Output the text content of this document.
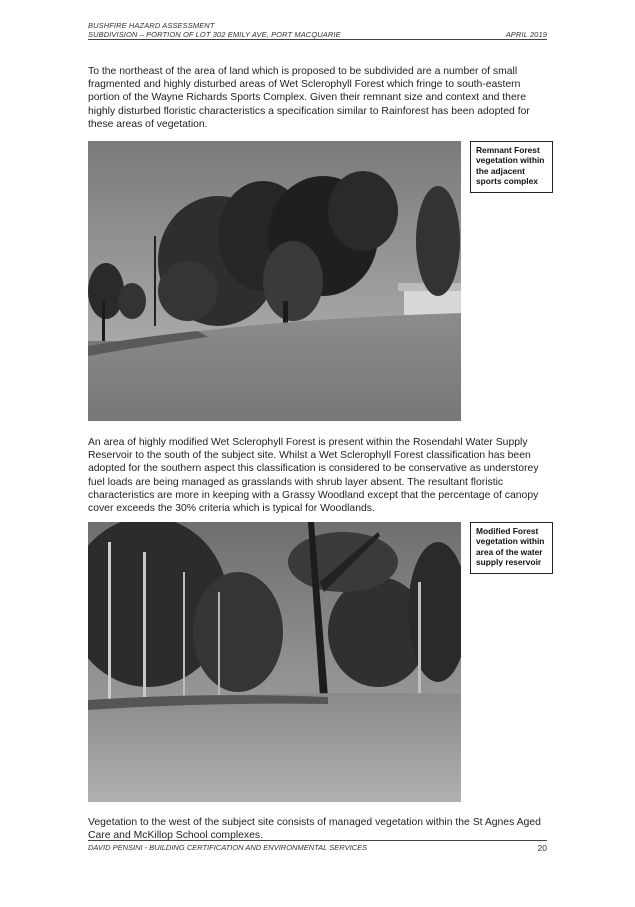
BUSHFIRE HAZARD ASSESSMENT
SUBDIVISION – PORTION OF LOT 302 EMILY AVE, PORT MACQUARIE	APRIL 2019

To the northeast of the area of land which is proposed to be subdivided are a number of small fragmented and highly disturbed areas of Wet Sclerophyll Forest which fringe to south-eastern portion of the Wayne Richards Sports Complex. Given their remnant size and context and there highly disturbed floristic characteristics a specification similar to Rainforest has been adopted for these areas of vegetation.

Remnant Forest vegetation within the adjacent sports complex

An area of highly modified Wet Sclerophyll Forest is present within the Rosendahl Water Supply Reservoir to the south of the subject site. Whilst a Wet Sclerophyll Forest classification has been adopted for the southern aspect this classification is considered to be conservative as understorey fuel loads are being managed as grasslands with shrub layer absent. The resultant floristic characteristics are more in keeping with a Grassy Woodland except that the percentage of canopy cover exceeds the 30% criteria which is typical for Woodlands.

Modified Forest vegetation within area of the water supply reservoir

Vegetation to the west of the subject site consists of managed vegetation within the St Agnes Aged Care and McKillop School complexes.

DAVID PENSINI - BUILDING CERTIFICATION AND ENVIRONMENTAL SERVICES	20
